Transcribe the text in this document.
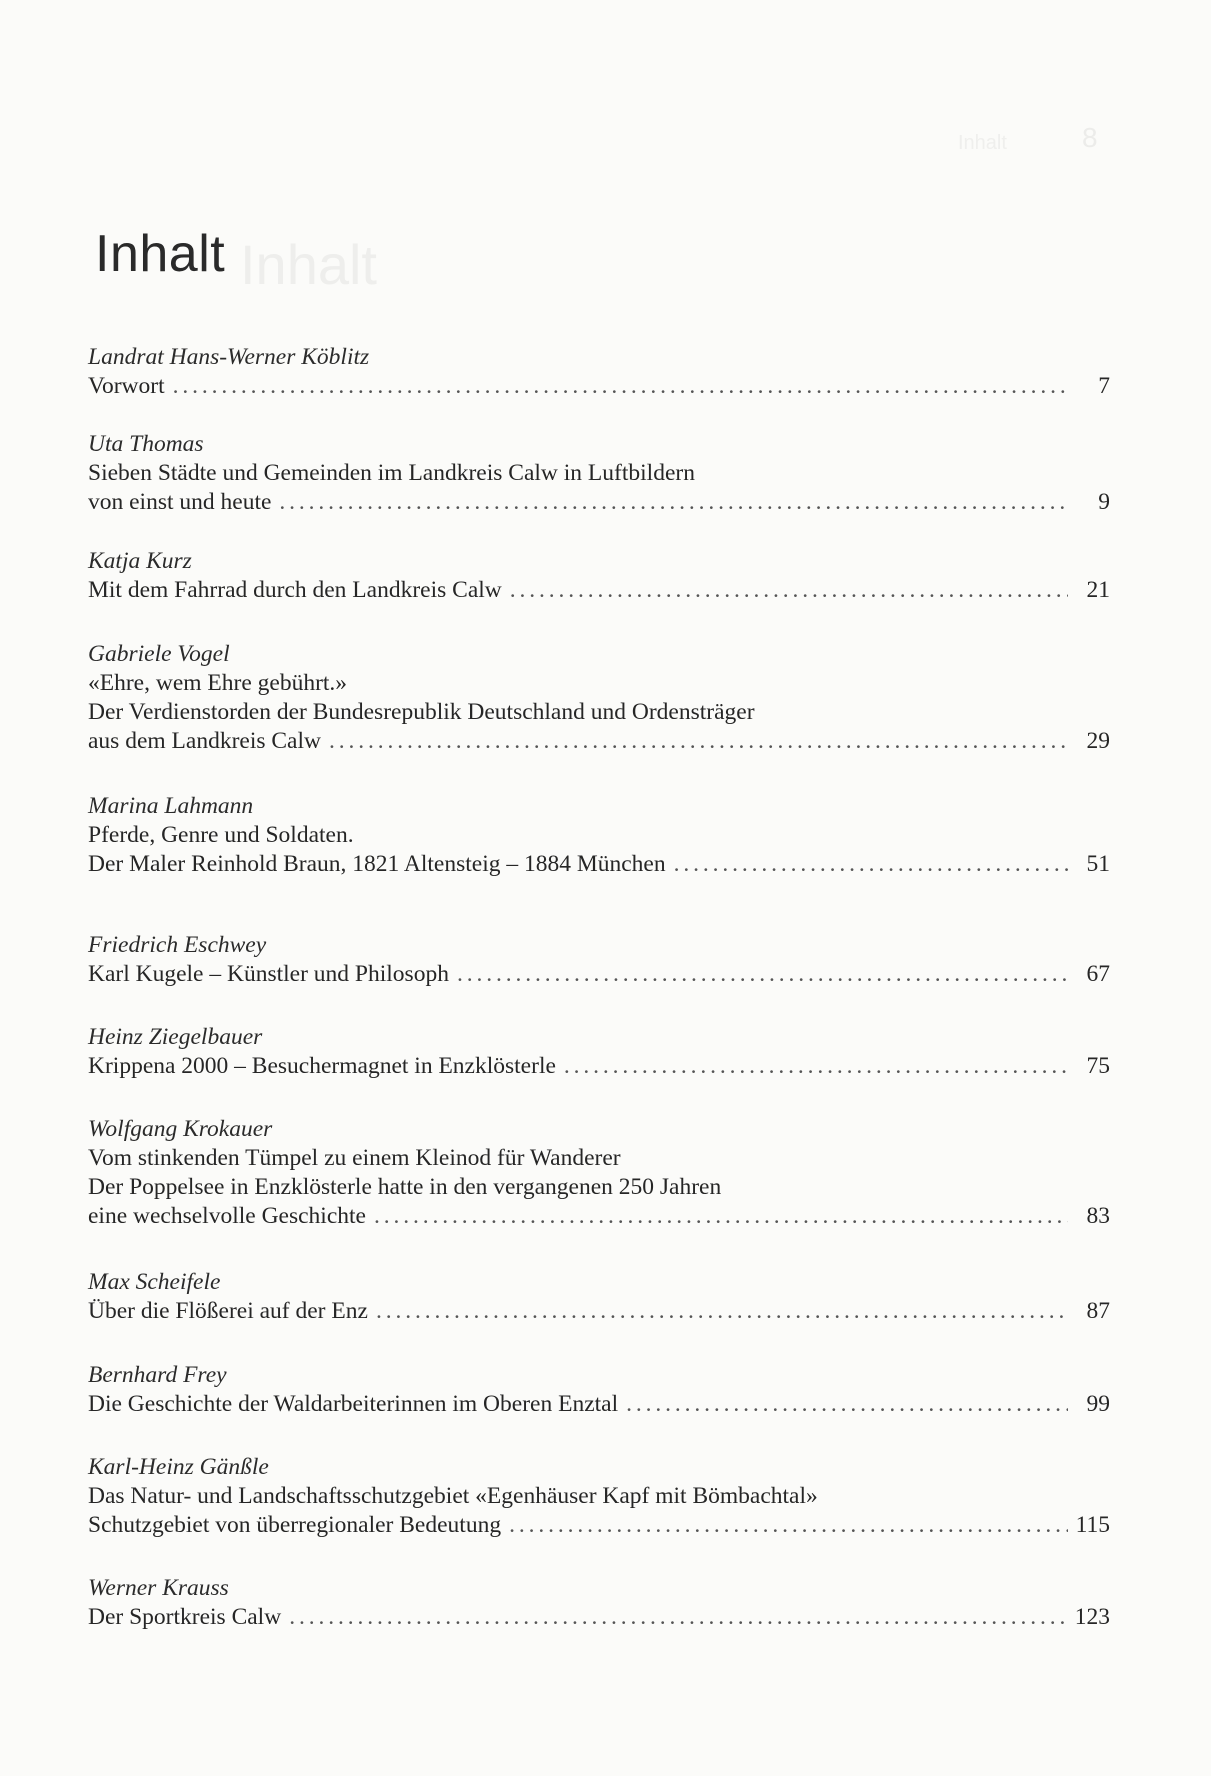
Inhalt	8
Inhalt
Inhalt
Landrat Hans-Werner Köblitz
Vorwort . . .	7
Uta Thomas
Sieben Städte und Gemeinden im Landkreis Calw in Luftbildern
von einst und heute . . .	9
Katja Kurz
Mit dem Fahrrad durch den Landkreis Calw . . .	21
Gabriele Vogel
«Ehre, wem Ehre gebührt.»
Der Verdienstorden der Bundesrepublik Deutschland und Ordensträger
aus dem Landkreis Calw . . .	29
Marina Lahmann
Pferde, Genre und Soldaten.
Der Maler Reinhold Braun, 1821 Altensteig – 1884 München . . .	51
Friedrich Eschwey
Karl Kugele – Künstler und Philosoph . . .	67
Heinz Ziegelbauer
Krippena 2000 – Besuchermagnet in Enzklösterle . . .	75
Wolfgang Krokauer
Vom stinkenden Tümpel zu einem Kleinod für Wanderer
Der Poppelsee in Enzklösterle hatte in den vergangenen 250 Jahren
eine wechselvolle Geschichte . . .	83
Max Scheifele
Über die Flößerei auf der Enz . . .	87
Bernhard Frey
Die Geschichte der Waldarbeiterinnen im Oberen Enztal . . .	99
Karl-Heinz Gänßle
Das Natur- und Landschaftsschutzgebiet «Egenhäuser Kapf mit Bömbachtal»
Schutzgebiet von überregionaler Bedeutung . . .	115
Werner Krauss
Der Sportkreis Calw . . .	123
